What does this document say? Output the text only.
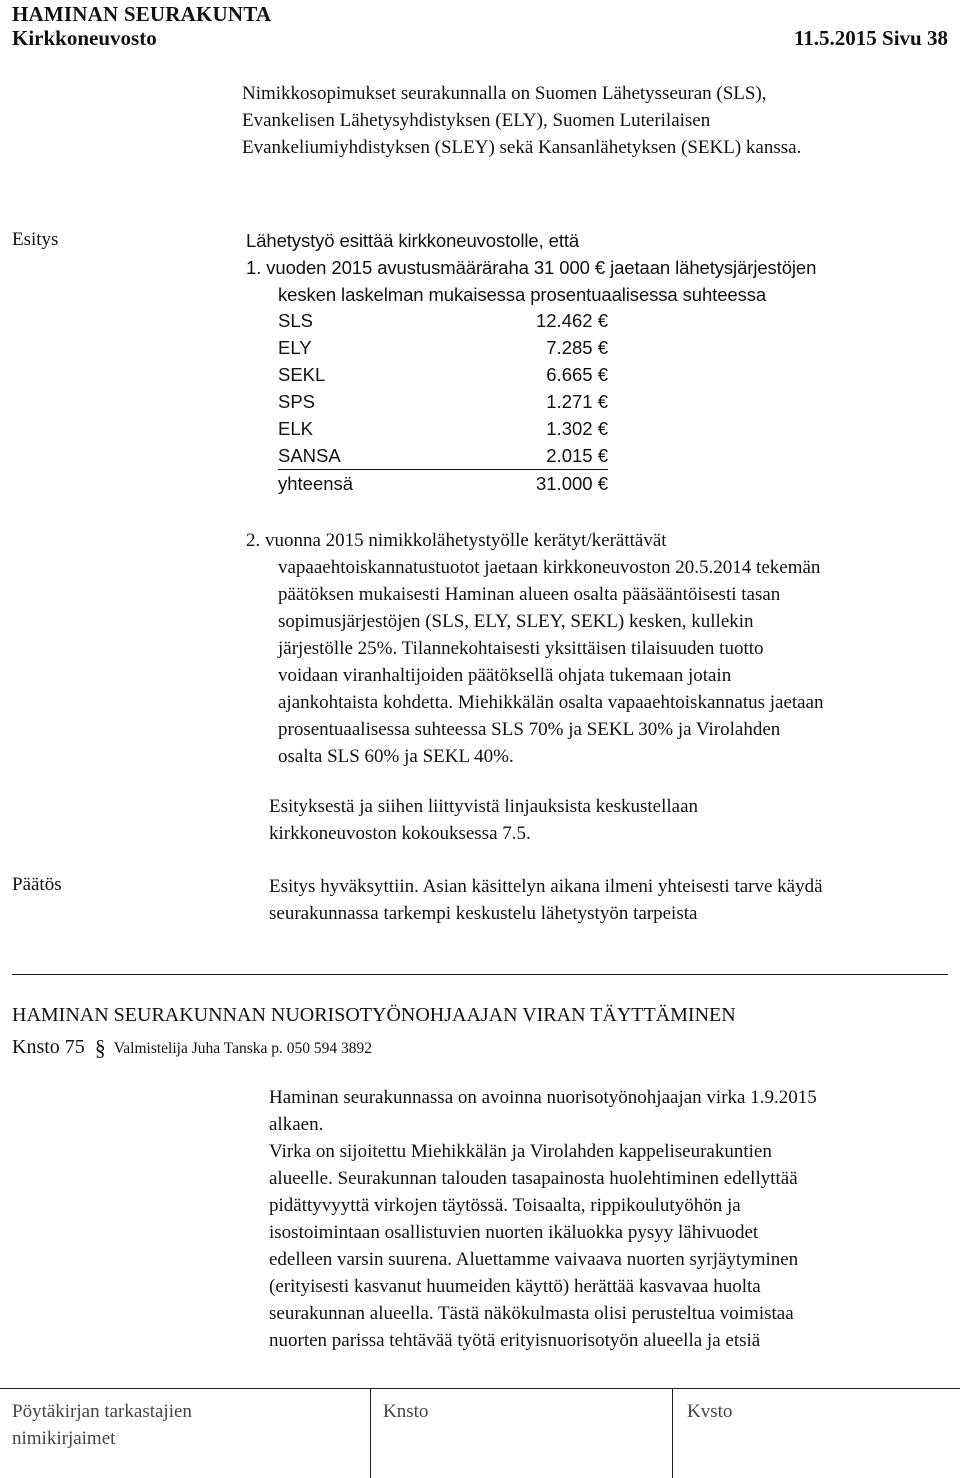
HAMINAN SEURAKUNTA
Kirkkoneuvosto	11.5.2015 Sivu 38
Nimikkosopimukset seurakunnalla on Suomen Lähetysseuran (SLS),
Evankelisen Lähetysyhdistyksen (ELY), Suomen Luterilaisen
Evankeliumiyhdistyksen (SLEY) sekä Kansanlähetyksen (SEKL) kanssa.
Esitys	Lähetystyö esittää kirkkoneuvostolle, että
1. vuoden 2015 avustusmääräraha 31 000 € jaetaan lähetysjärjestöjen
kesken laskelman mukaisessa prosentuaalisessa suhteessa
SLS	12.462 €
ELY	7.285 €
SEKL	6.665 €
SPS	1.271 €
ELK	1.302 €
SANSA	2.015 €
yhteensä	31.000 €
2. vuonna 2015 nimikkolähetystyölle kerätyt/kerättävät
vapaaehtoiskannatustuotot jaetaan kirkkoneuvoston 20.5.2014 tekemän
päätöksen mukaisesti Haminan alueen osalta pääsääntöisesti tasan
sopimusjärjestöjen (SLS, ELY, SLEY, SEKL) kesken, kullekin
järjestölle 25%. Tilannekohtaisesti yksittäisen tilaisuuden tuotto
voidaan viranhaltijoiden päätöksellä ohjata tukemaan jotain
ajankohtaista kohdetta. Miehikkälän osalta vapaaehtoiskannatus jaetaan
prosentuaalisessa suhteessa SLS 70% ja SEKL 30% ja Virolahden
osalta SLS 60% ja SEKL 40%.
Esityksestä ja siihen liittyvistä linjauksista keskustellaan
kirkkoneuvoston kokouksessa 7.5.
Päätös	Esitys hyväksyttiin. Asian käsittelyn aikana ilmeni yhteisesti tarve käydä
seurakunnassa tarkempi keskustelu lähetystyön tarpeista
HAMINAN SEURAKUNNAN NUORISOTYÖNOHJAAJAN VIRAN TÄYTTÄMINEN
Knsto 75 § Valmistelija Juha Tanska p. 050 594 3892
Haminan seurakunnassa on avoinna nuorisotyönohjaajan virka 1.9.2015
alkaen.
Virka on sijoitettu Miehikkälän ja Virolahden kappeliseurakuntien
alueelle. Seurakunnan talouden tasapainosta huolehtiminen edellyttää
pidättyvyyttä virkojen täytössä. Toisaalta, rippikoulutyöhön ja
isostoimintaan osallistuvien nuorten ikäluokka pysyy lähivuodet
edelleen varsin suurena. Aluettamme vaivaava nuorten syrjäytyminen
(erityisesti kasvanut huumeiden käyttö) herättää kasvavaa huolta
seurakunnan alueella. Tästä näkökulmasta olisi perusteltua voimistaa
nuorten parissa tehtävää työtä erityisnuorisotyön alueella ja etsiä
Pöytäkirjan tarkastajien
nimikirjaimet
Knsto	Kvsto
